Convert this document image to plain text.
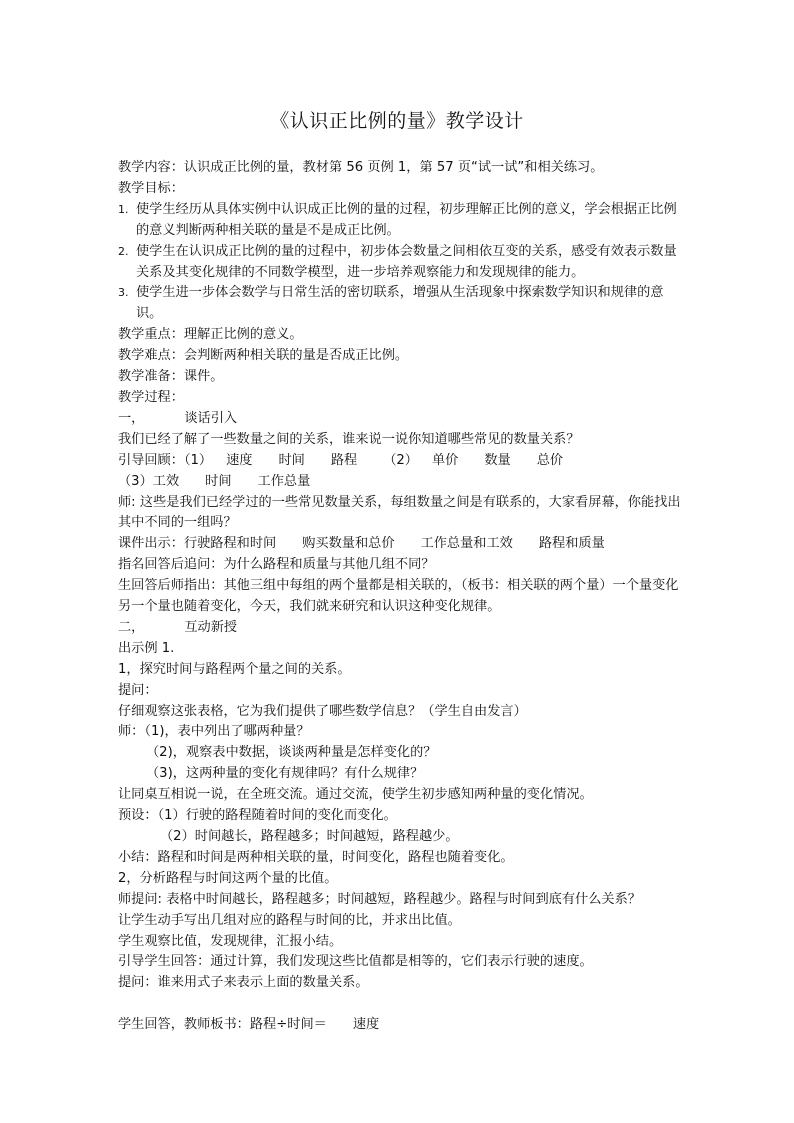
《认识正比例的量》教学设计
教学内容：认识成正比例的量，教材第 56 页例 1，第 57 页“试一试”和相关练习。
教学目标：
1. 使学生经历从具体实例中认识成正比例的量的过程，初步理解正比例的意义，学会根据正比例的意义判断两种相关联的量是不是成正比例。
2. 使学生在认识成正比例的量的过程中，初步体会数量之间相依互变的关系，感受有效表示数量关系及其变化规律的不同数学模型，进一步培养观察能力和发现规律的能力。
3. 使学生进一步体会数学与日常生活的密切联系，增强从生活现象中探索数学知识和规律的意识。
教学重点：理解正比例的意义。
教学难点：会判断两种相关联的量是否成正比例。
教学准备：课件。
教学过程：
一，	谈话引入
我们已经了解了一些数量之间的关系，谁来说一说你知道哪些常见的数量关系？
引导回顾：（1） 速度 时间 路程 （2） 单价 数量 总价
（3）工效 时间 工作总量
师: 这些是我们已经学过的一些常见数量关系，每组数量之间是有联系的，大家看屏幕，你能找出其中不同的一组吗？
课件出示：行驶路程和时间 购买数量和总价 工作总量和工效 路程和质量
指名回答后追问：为什么路程和质量与其他几组不同？
生回答后师指出：其他三组中每组的两个量都是相关联的，（板书：相关联的两个量）一个量变化另一个量也随着变化，今天，我们就来研究和认识这种变化规律。
二，	互动新授
出示例 1.
1，探究时间与路程两个量之间的关系。
提问：
仔细观察这张表格，它为我们提供了哪些数学信息？（学生自由发言）
师：（1)，表中列出了哪两种量？
（2)，观察表中数据，谈谈两种量是怎样变化的？
（3)，这两种量的变化有规律吗？有什么规律？
让同桌互相说一说，在全班交流。通过交流，使学生初步感知两种量的变化情况。
预设：（1）行驶的路程随着时间的变化而变化。
（2）时间越长，路程越多；时间越短，路程越少。
小结：路程和时间是两种相关联的量，时间变化，路程也随着变化。
2，分析路程与时间这两个量的比值。
师提问: 表格中时间越长，路程越多；时间越短，路程越少。路程与时间到底有什么关系？
让学生动手写出几组对应的路程与时间的比，并求出比值。
学生观察比值，发现规律，汇报小结。
引导学生回答：通过计算，我们发现这些比值都是相等的，它们表示行驶的速度。
提问：谁来用式子来表示上面的数量关系。
学生回答，教师板书：路程÷时间＝ 速度
